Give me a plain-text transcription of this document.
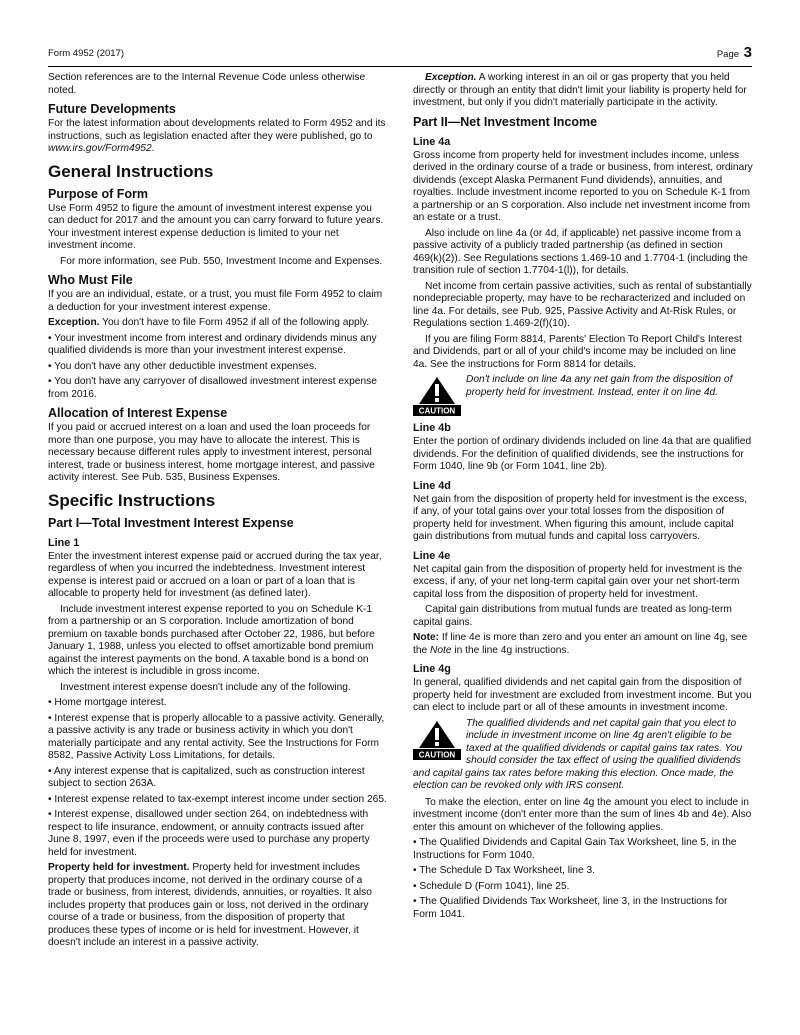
Form 4952 (2017)	Page 3

Section references are to the Internal Revenue Code unless otherwise noted.

Future Developments

For the latest information about developments related to Form 4952 and its instructions, such as legislation enacted after they were published, go to www.irs.gov/Form4952.

General Instructions
Purpose of Form

Use Form 4952 to figure the amount of investment interest expense you can deduct for 2017 and the amount you can carry forward to future years. Your investment interest expense deduction is limited to your net investment income.

For more information, see Pub. 550, Investment Income and Expenses.

Who Must File

If you are an individual, estate, or a trust, you must file Form 4952 to claim a deduction for your investment interest expense.

Exception. You don't have to file Form 4952 if all of the following apply.

• Your investment income from interest and ordinary dividends minus any qualified dividends is more than your investment interest expense.

• You don't have any other deductible investment expenses.

• You don't have any carryover of disallowed investment interest expense from 2016.

Allocation of Interest Expense

If you paid or accrued interest on a loan and used the loan proceeds for more than one purpose, you may have to allocate the interest. This is necessary because different rules apply to investment interest, personal interest, trade or business interest, home mortgage interest, and passive activity interest. See Pub. 535, Business Expenses.

Specific Instructions
Part I—Total Investment Interest Expense
Line 1

Enter the investment interest expense paid or accrued during the tax year, regardless of when you incurred the indebtedness. Investment interest expense is interest paid or accrued on a loan or part of a loan that is allocable to property held for investment (as defined later).

Include investment interest expense reported to you on Schedule K-1 from a partnership or an S corporation. Include amortization of bond premium on taxable bonds purchased after October 22, 1986, but before January 1, 1988, unless you elected to offset amortizable bond premium against the interest payments on the bond. A taxable bond is a bond on which the interest is includible in gross income.

Investment interest expense doesn't include any of the following.

• Home mortgage interest.

• Interest expense that is properly allocable to a passive activity. Generally, a passive activity is any trade or business activity in which you don't materially participate and any rental activity. See the Instructions for Form 8582, Passive Activity Loss Limitations, for details.

• Any interest expense that is capitalized, such as construction interest subject to section 263A.

• Interest expense related to tax-exempt interest income under section 265.

• Interest expense, disallowed under section 264, on indebtedness with respect to life insurance, endowment, or annuity contracts issued after June 8, 1997, even if the proceeds were used to purchase any property held for investment.

Property held for investment. Property held for investment includes property that produces income, not derived in the ordinary course of a trade or business, from interest, dividends, annuities, or royalties. It also includes property that produces gain or loss, not derived in the ordinary course of a trade or business, from the disposition of property that produces these types of income or is held for investment. However, it doesn't include an interest in a passive activity.

Exception. A working interest in an oil or gas property that you held directly or through an entity that didn't limit your liability is property held for investment, but only if you didn't materially participate in the activity.

Part II—Net Investment Income
Line 4a

Gross income from property held for investment includes income, unless derived in the ordinary course of a trade or business, from interest, ordinary dividends (except Alaska Permanent Fund dividends), annuities, and royalties. Include investment income reported to you on Schedule K-1 from a partnership or an S corporation. Also include net investment income from an estate or a trust.

Also include on line 4a (or 4d, if applicable) net passive income from a passive activity of a publicly traded partnership (as defined in section 469(k)(2)). See Regulations sections 1.469-10 and 1.7704-1 (including the transition rule of section 1.7704-1(l)), for details.

Net income from certain passive activities, such as rental of substantially nondepreciable property, may have to be recharacterized and included on line 4a. For details, see Pub. 925, Passive Activity and At-Risk Rules, or Regulations section 1.469-2(f)(10).

If you are filing Form 8814, Parents' Election To Report Child's Interest and Dividends, part or all of your child's income may be included on line 4a. See the instructions for Form 8814 for details.

CAUTION
Don't include on line 4a any net gain from the disposition of property held for investment. Instead, enter it on line 4d.
Line 4b

Enter the portion of ordinary dividends included on line 4a that are qualified dividends. For the definition of qualified dividends, see the instructions for Form 1040, line 9b (or Form 1041, line 2b).

Line 4d

Net gain from the disposition of property held for investment is the excess, if any, of your total gains over your total losses from the disposition of property held for investment. When figuring this amount, include capital gain distributions from mutual funds and capital loss carryovers.

Line 4e

Net capital gain from the disposition of property held for investment is the excess, if any, of your net long-term capital gain over your net short-term capital loss from the disposition of property held for investment.

Capital gain distributions from mutual funds are treated as long-term capital gains.

Note: If line 4e is more than zero and you enter an amount on line 4g, see the Note in the line 4g instructions.

Line 4g

In general, qualified dividends and net capital gain from the disposition of property held for investment are excluded from investment income. But you can elect to include part or all of these amounts in investment income.

CAUTION
The qualified dividends and net capital gain that you elect to include in investment income on line 4g aren't eligible to be taxed at the qualified dividends or capital gains tax rates. You should consider the tax effect of using the qualified dividends and capital gains tax rates before making this election. Once made, the election can be revoked only with IRS consent.

To make the election, enter on line 4g the amount you elect to include in investment income (don't enter more than the sum of lines 4b and 4e). Also enter this amount on whichever of the following applies.

• The Qualified Dividends and Capital Gain Tax Worksheet, line 5, in the Instructions for Form 1040.

• The Schedule D Tax Worksheet, line 3.

• Schedule D (Form 1041), line 25.

• The Qualified Dividends Tax Worksheet, line 3, in the Instructions for Form 1041.
